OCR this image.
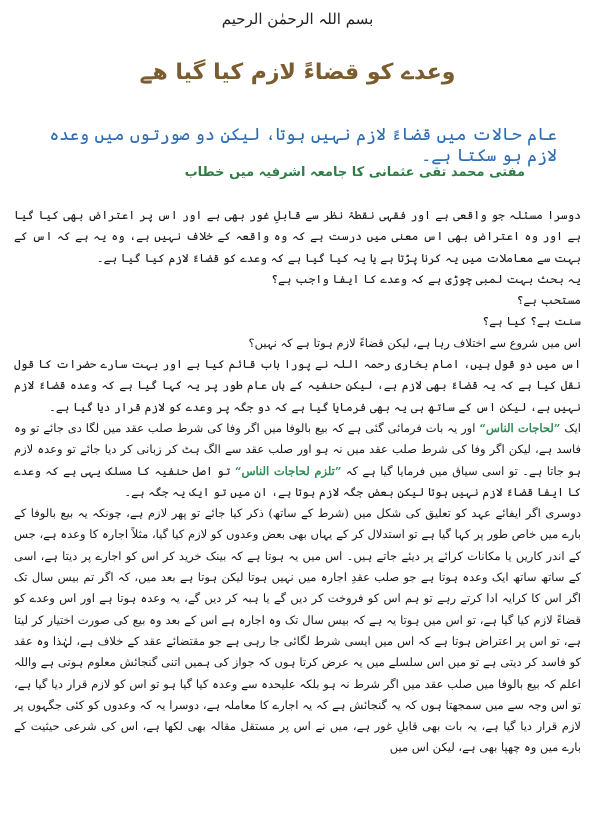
بسم اللہ الرحمٰن الرحیم
وعدے کو قضاءً لازم کیا گیا ھے
عام حالات میں قضاءً لازم نہیں ہوتا، لیکن دو صورتوں میں وعدہ لازم ہو سکتا ہے۔
مفتی محمد تقی عثمانی کا جامعہ اشرفیہ میں خطاب

دوسرا مسئلہ جو واقعی ہے اور فقہی نقطۂ نظر سے قابلِ غور بھی ہے اور اس پر اعتراض بھی کیا گیا ہے اور وہ اعتراض بھی اس معنی میں درست ہے کہ وہ واقعہ کے خلاف نہیں ہے، وہ یہ ہے کہ اس کے بہت سے معاملات میں یہ کرنا پڑتا ہے یا یہ کیا گیا ہے کہ وعدے کو قضاءً لازم کیا گیا ہے۔

یہ بحث بہت لمبی چوڑی ہے کہ وعدے کا ایفا واجب ہے؟

مستحب ہے؟

سنت ہے؟ کیا ہے؟

اس میں شروع سے اختلاف رہا ہے، لیکن قضاءً لازم ہوتا ہے کہ نہیں؟

اس میں دو قول ہیں، امام بخاری رحمہ اللہ نے پورا باب قائم کیا ہے اور بہت سارے حضرات کا قول نقل کیا ہے کہ یہ قضاءً بھی لازم ہے، لیکن حنفیہ کے ہاں عام طور پر یہ کہا گیا ہے کہ وعدہ قضاءً لازم نہیں ہے، لیکن اس کے ساتھ ہی یہ بھی فرمایا گیا ہے کہ دو جگہ پر وعدے کو لازم قرار دیا گیا ہے۔

ایک ”لحاجات الناس“ اور یہ بات فرمائی گئی ہے کہ بیع بالوفا میں اگر وفا کی شرط صلب عقد میں لگا دی جائے تو وہ فاسد ہے، لیکن اگر وفا کی شرط صلب عقد میں نہ ہو اور صلب عقد سے الگ ہٹ کر زبانی کر دیا جائے تو وعدہ لازم ہو جاتا ہے۔ تو اسی سیاق میں فرمایا گیا ہے کہ ”تلزم لحاجات الناس“ تو اصل حنفیہ کا مسلک یہی ہے کہ وعدے کا ایفا قضاءً لازم نہیں ہوتا لیکن بعض جگہ لازم ہوتا ہے، ان میں تو ایک یہ جگہ ہے۔

دوسری اگر ایفائے عہد کو تعلیق کی شکل میں (شرط کے ساتھ) ذکر کیا جائے تو پھر لازم ہے، چونکہ یہ بیع بالوفا کے بارے میں خاص طور پر کہا گیا ہے تو استدلال کر کے یہاں بھی بعض وعدوں کو لازم کیا گیا، مثلاً اجارہ کا وعدہ ہے، جس کے اندر کاریں یا مکانات کرائے پر دیئے جاتے ہیں۔ اس میں یہ ہوتا ہے کہ بینک خرید کر اس کو اجارے پر دیتا ہے، اسی کے ساتھ ساتھ ایک وعدہ ہوتا ہے جو صلب عقدِ اجارہ میں نہیں ہوتا لیکن ہوتا ہے بعد میں، کہ اگر تم بیس سال تک اگر اس کا کرایہ ادا کرتے رہے تو ہم اس کو فروخت کر دیں گے یا ہبہ کر دیں گے، یہ وعدہ ہوتا ہے اور اس وعدے کو قضاءً لازم کیا گیا ہے، تو اس میں ہوتا یہ ہے کہ بیس سال تک وہ اجارہ ہے اس کے بعد وہ بیع کی صورت اختیار کر لیتا ہے، تو اس پر اعتراض ہوتا ہے کہ اس میں ایسی شرط لگائی جا رہی ہے جو مقتضائے عقد کے خلاف ہے، لہٰذا وہ عقد کو فاسد کر دیتی ہے تو میں اس سلسلے میں یہ عرض کرتا ہوں کہ جواز کی ہمیں اتنی گنجائش معلوم ہوتی ہے واللہ اعلم کہ بیع بالوفا میں صلب عقد میں اگر شرط نہ ہو بلکہ علیحدہ سے وعدہ کیا گیا ہو تو اس کو لازم قرار دیا گیا ہے، تو اس وجہ سے میں سمجھتا ہوں کہ یہ گنجائش ہے کہ یہ اجارے کا معاملہ ہے، دوسرا یہ کہ وعدوں کو کئی جگہوں پر لازم قرار دیا گیا ہے، یہ بات بھی قابلِ غور ہے، میں نے اس پر مستقل مقالہ بھی لکھا ہے، اس کی شرعی حیثیت کے بارے میں وہ چھپا بھی ہے، لیکن اس میں
